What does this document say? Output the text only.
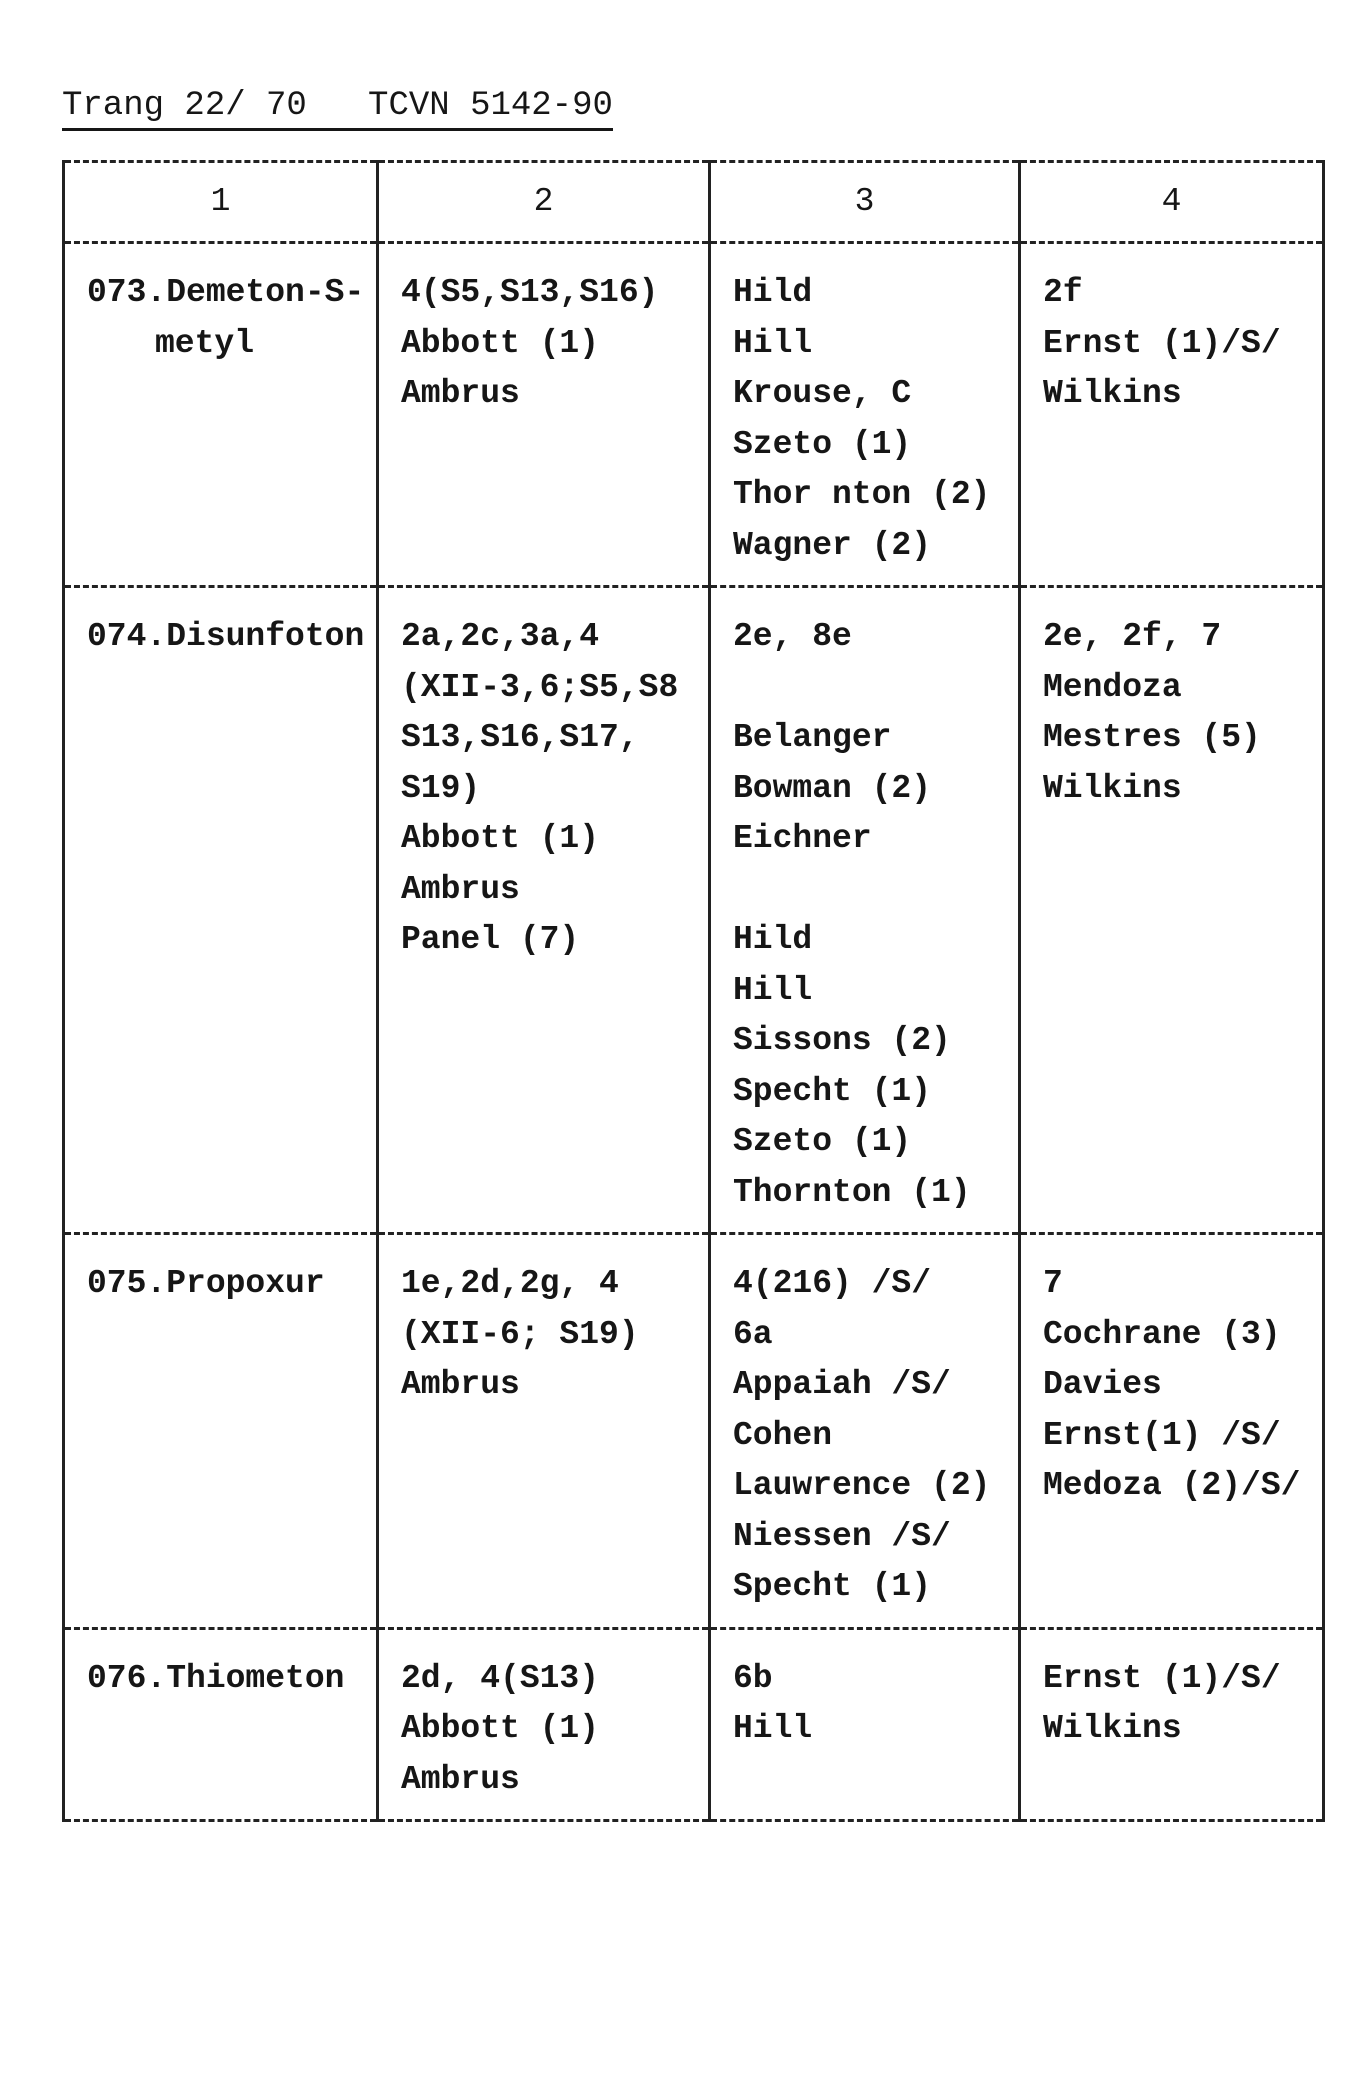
Trang 22/ 70   TCVN 5142-90
1	2	3	4
073.Demeton-S-	4(S5,S13,S16)	Hild	2f
metyl	Abbott (1)	Hill	Ernst (1)/S/
	Ambrus	Krouse, C	Wilkins
		Szeto (1)	
		Thor nton (2)	
		Wagner (2)	
074.Disunfoton	2a,2c,3a,4	2e, 8e	2e, 2f, 7
	(XII-3,6;S5,S8		Mendoza
	S13,S16,S17,	Belanger	Mestres (5)
	S19)	Bowman (2)	Wilkins
	Abbott (1)	Eichner	
	Ambrus		
	Panel (7)	Hild	
		Hill	
		Sissons (2)	
		Specht (1)	
		Szeto (1)	
		Thornton (1)	
075.Propoxur	1e,2d,2g, 4	4(216) /S/	7
	(XII-6; S19)	6a	Cochrane (3)
	Ambrus	Appaiah /S/	Davies
		Cohen	Ernst(1) /S/
		Lauwrence (2)	Medoza (2)/S/
		Niessen /S/	
		Specht (1)	
076.Thiometon	2d, 4(S13)	6b	Ernst (1)/S/
	Abbott (1)	Hill	Wilkins
	Ambrus		
